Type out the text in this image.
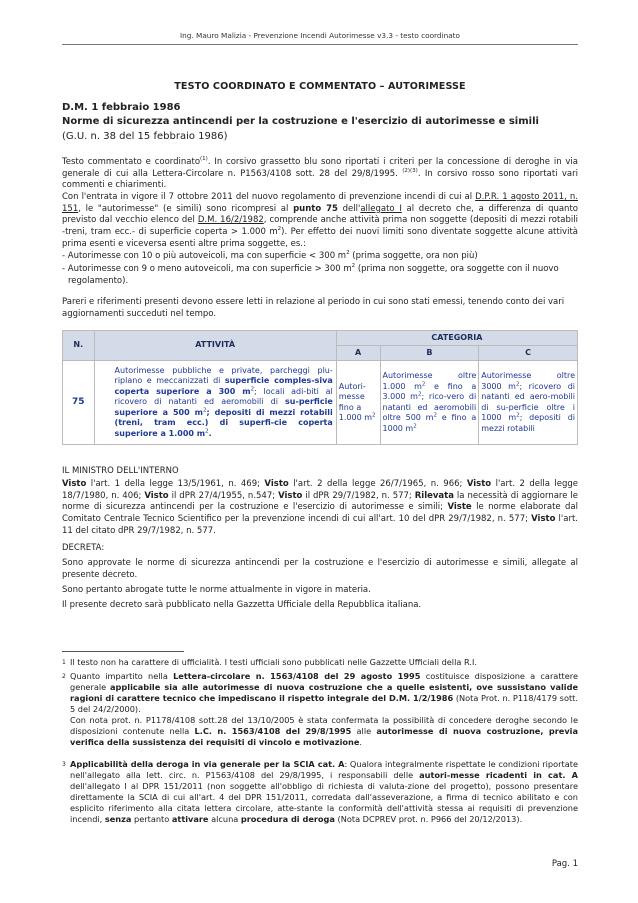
Ing. Mauro Malizia - Prevenzione Incendi Autorimesse v3.3 - testo coordinato
TESTO COORDINATO E COMMENTATO – AUTORIMESSE
D.M. 1 febbraio 1986
Norme di sicurezza antincendi per la costruzione e l'esercizio di autorimesse e simili
(G.U. n. 38 del 15 febbraio 1986)
Testo commentato e coordinato$^{(1)}$. In corsivo grassetto blu sono riportati i criteri per la concessione di deroghe in via generale di cui alla Lettera-Circolare n. P1563/4108 sott. 28 del 29/8/1995. $^{(2)(3)}$. In corsivo rosso sono riportati vari commenti e chiarimenti.
Con l'entrata in vigore il 7 ottobre 2011 del nuovo regolamento di prevenzione incendi di cui al D.P.R. 1 agosto 2011, n. 151, le "autorimesse" (e simili) sono ricompresi al punto 75 dell'allegato I al decreto che, a differenza di quanto previsto dal vecchio elenco del D.M. 16/2/1982, comprende anche attività prima non soggette (depositi di mezzi rotabili -treni, tram ecc.- di superficie coperta > 1.000 $m^2$). Per effetto dei nuovi limiti sono diventate soggette alcune attività prima esenti e viceversa esenti altre prima soggette, es.:
- Autorimesse con 10 o più autoveicoli, ma con superficie < 300 $m^2$ (prima soggette, ora non più)
- Autorimesse con 9 o meno autoveicoli, ma con superficie > 300 $m^2$ (prima non soggette, ora soggette con il nuovo regolamento).
Pareri e riferimenti presenti devono essere letti in relazione al periodo in cui sono stati emessi, tenendo conto dei vari aggiornamenti succeduti nel tempo.
N.	ATTIVITÀ	CATEGORIA		
		A	B	C
75	Autorimesse pubbliche e private, parcheggi plu-riplano e meccanizzati di superficie comples-siva coperta superiore a 300 $m^2$; locali adi-biti al ricovero di natanti ed aeromobili di su-perficie superiore a 500 $m^2$; depositi di mezzi rotabili (treni, tram ecc.) di superfi-cie coperta superiore a 1.000 $m^2$.	Autori-messe fino a 1.000 $m^2$	Autorimesse oltre 1.000 $m^2$ e fino a 3.000 $m^2$; rico-vero di natanti ed aeromobili oltre 500 $m^2$ e fino a 1000 $m^2$	Autorimesse oltre 3000 $m^2$; ricovero di natanti ed aero-mobili di su-perficie oltre i 1000 $m^2$; depositi di mezzi rotabili
IL MINISTRO DELL'INTERNO
Visto l'art. 1 della legge 13/5/1961, n. 469; Visto l'art. 2 della legge 26/7/1965, n. 966; Visto l'art. 2 della legge 18/7/1980, n. 406; Visto il dPR 27/4/1955, n.547; Visto il dPR 29/7/1982, n. 577; Rilevata la necessità di aggiornare le norme di sicurezza antincendi per la costruzione e l'esercizio di autorimesse e simili; Viste le norme elaborate dal Comitato Centrale Tecnico Scientifico per la prevenzione incendi di cui all'art. 10 del dPR 29/7/1982, n. 577; Visto l'art. 11 del citato dPR 29/7/1982, n. 577.
DECRETA:
Sono approvate le norme di sicurezza antincendi per la costruzione e l'esercizio di autorimesse e simili, allegate al presente decreto.
Sono pertanto abrogate tutte le norme attualmente in vigore in materia.
Il presente decreto sarà pubblicato nella Gazzetta Ufficiale della Repubblica italiana.
1 Il testo non ha carattere di ufficialità. I testi ufficiali sono pubblicati nelle Gazzette Ufficiali della R.I.
2 Quanto impartito nella Lettera-circolare n. 1563/4108 del 29 agosto 1995 costituisce disposizione a carattere generale applicabile sia alle autorimesse di nuova costruzione che a quelle esistenti, ove sussistano valide ragioni di carattere tecnico che impediscano il rispetto integrale del D.M. 1/2/1986 (Nota Prot. n. P118/4179 sott. 5 del 24/2/2000).
Con nota prot. n. P1178/4108 sott.28 del 13/10/2005 è stata confermata la possibilità di concedere deroghe secondo le disposizioni contenute nella L.C. n. 1563/4108 del 29/8/1995 alle autorimesse di nuova costruzione, previa verifica della sussistenza dei requisiti di vincolo e motivazione.
3 Applicabilità della deroga in via generale per la SCIA cat. A: Qualora integralmente rispettate le condizioni riportate nell'allegato alla lett. circ. n. P1563/4108 del 29/8/1995, i responsabili delle autori-messe ricadenti in cat. A dell'allegato I al DPR 151/2011 (non soggette all'obbligo di richiesta di valuta-zione del progetto), possono presentare direttamente la SCIA di cui all'art. 4 del DPR 151/2011, corredata dall'asseverazione, a firma di tecnico abilitato e con esplicito riferimento alla citata lettera circolare, atte-stante la conformità dell'attività stessa ai requisiti di prevenzione incendi, senza pertanto attivare alcuna procedura di deroga (Nota DCPREV prot. n. P966 del 20/12/2013).
Pag. 1
